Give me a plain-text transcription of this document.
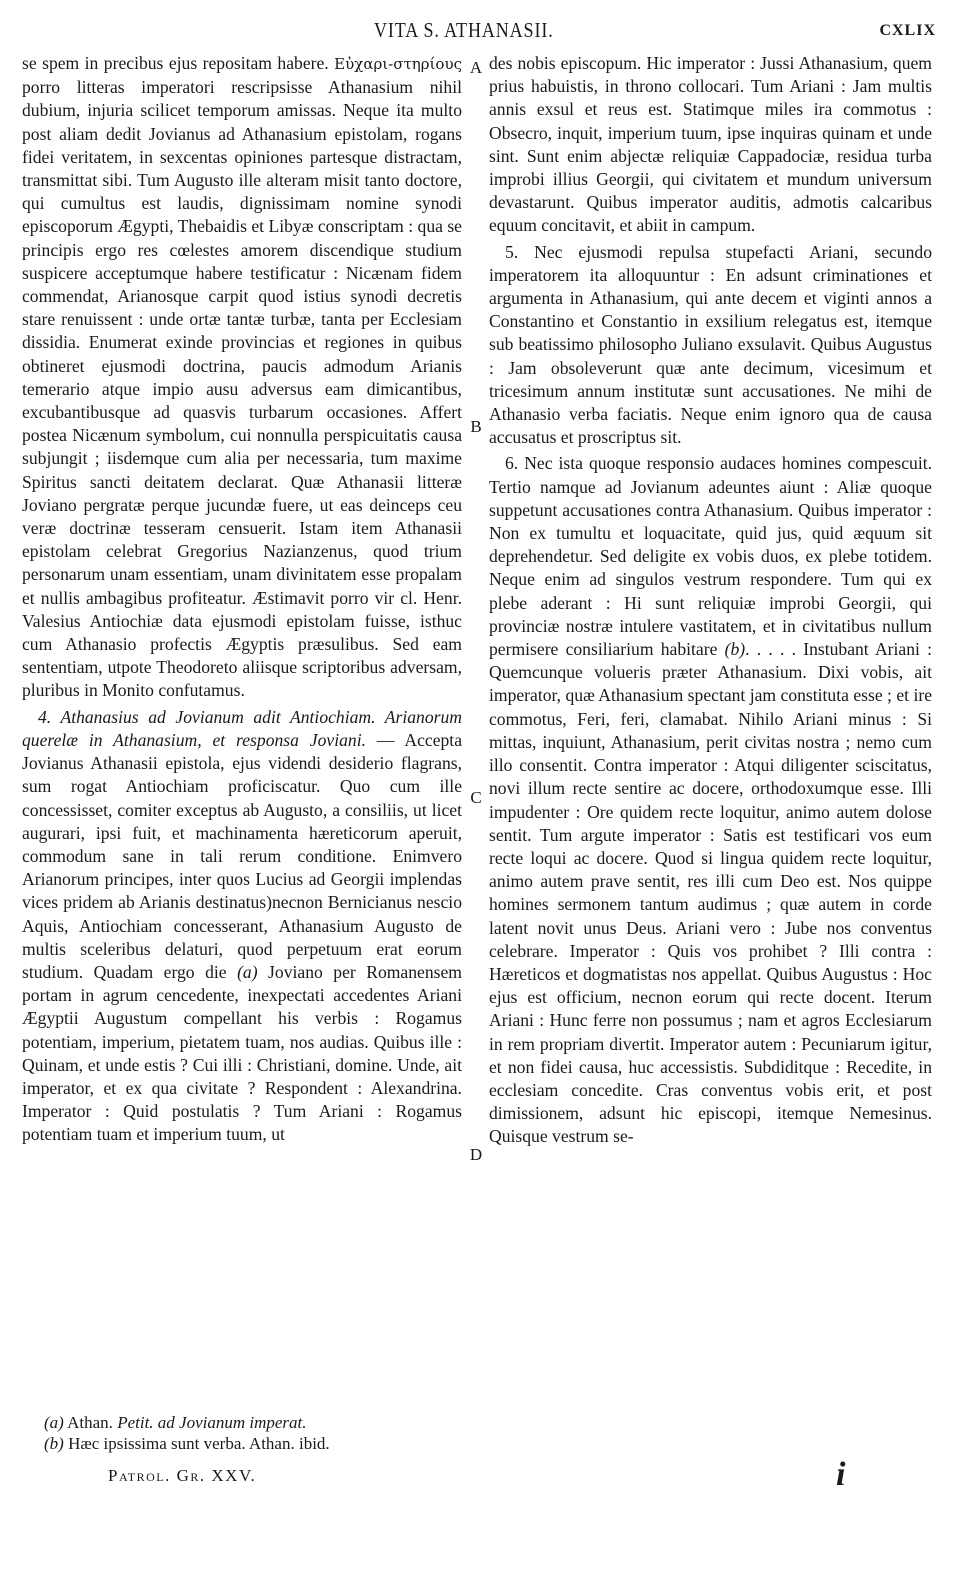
VITA S. ATHANASII.	CXLIX
A
B
C
D

se spem in precibus ejus repositam habere. Εὐχαρι-στηρίους porro litteras imperatori rescripsisse Athanasium nihil dubium, injuria scilicet temporum amissas. Neque ita multo post aliam dedit Jovianus ad Athanasium epistolam, rogans fidei veritatem, in sexcentas opiniones partesque distractam, transmittat sibi. Tum Augusto ille alteram misit tanto doctore, qui cumultus est laudis, dignissimam nomine synodi episcoporum Ægypti, Thebaidis et Libyæ conscriptam : qua se principis ergo res cœlestes amorem discendique studium suspicere acceptumque habere testificatur : Nicænam fidem commendat, Arianosque carpit quod istius synodi decretis stare renuissent : unde ortæ tantæ turbæ, tanta per Ecclesiam dissidia. Enumerat exinde provincias et regiones in quibus obtineret ejusmodi doctrina, paucis admodum Arianis temerario atque impio ausu adversus eam dimicantibus, excubantibusque ad quasvis turbarum occasiones. Affert postea Nicænum symbolum, cui nonnulla perspicuitatis causa subjungit ; iisdemque cum alia per necessaria, tum maxime Spiritus sancti deitatem declarat. Quæ Athanasii litteræ Joviano pergratæ perque jucundæ fuere, ut eas deinceps ceu veræ doctrinæ tesseram censuerit. Istam item Athanasii epistolam celebrat Gregorius Nazianzenus, quod trium personarum unam essentiam, unam divinitatem esse propalam et nullis ambagibus profiteatur. Æstimavit porro vir cl. Henr. Valesius Antiochiæ data ejusmodi epistolam fuisse, isthuc cum Athanasio profectis Ægyptis præsulibus. Sed eam sententiam, utpote Theodoreto aliisque scriptoribus adversam, pluribus in Monito confutamus.

4. Athanasius ad Jovianum adit Antiochiam. Arianorum querelæ in Athanasium, et responsa Joviani. — Accepta Jovianus Athanasii epistola, ejus videndi desiderio flagrans, sum rogat Antiochiam proficiscatur. Quo cum ille concessisset, comiter exceptus ab Augusto, a consiliis, ut licet augurari, ipsi fuit, et machinamenta hæreticorum aperuit, commodum sane in tali rerum conditione. Enimvero Arianorum principes, inter quos Lucius ad Georgii implendas vices pridem ab Arianis destinatus)necnon Bernicianus nescio Aquis, Antiochiam concesserant, Athanasium Augusto de multis sceleribus delaturi, quod perpetuum erat eorum studium. Quadam ergo die (a) Joviano per Romanensem portam in agrum cencedente, inexpectati accedentes Ariani Ægyptii Augustum compellant his verbis : Rogamus potentiam, imperium, pietatem tuam, nos audias. Quibus ille : Quinam, et unde estis ? Cui illi : Christiani, domine. Unde, ait imperator, et ex qua civitate ? Respondent : Alexandrina. Imperator : Quid postulatis ? Tum Ariani : Rogamus potentiam tuam et imperium tuum, ut

des nobis episcopum. Hic imperator : Jussi Athanasium, quem prius habuistis, in throno collocari. Tum Ariani : Jam multis annis exsul et reus est. Statimque miles ira commotus : Obsecro, inquit, imperium tuum, ipse inquiras quinam et unde sint. Sunt enim abjectæ reliquiæ Cappadociæ, residua turba improbi illius Georgii, qui civitatem et mundum universum devastarunt. Quibus imperator auditis, admotis calcaribus equum concitavit, et abiit in campum.

5. Nec ejusmodi repulsa stupefacti Ariani, secundo imperatorem ita alloquuntur : En adsunt criminationes et argumenta in Athanasium, qui ante decem et viginti annos a Constantino et Constantio in exsilium relegatus est, itemque sub beatissimo philosopho Juliano exsulavit. Quibus Augustus : Jam obsoleverunt quæ ante decimum, vicesimum et tricesimum annum institutæ sunt accusationes. Ne mihi de Athanasio verba faciatis. Neque enim ignoro qua de causa accusatus et proscriptus sit.

6. Nec ista quoque responsio audaces homines compescuit. Tertio namque ad Jovianum adeuntes aiunt : Aliæ quoque suppetunt accusationes contra Athanasium. Quibus imperator : Non ex tumultu et loquacitate, quid jus, quid æquum sit deprehendetur. Sed deligite ex vobis duos, ex plebe totidem. Neque enim ad singulos vestrum respondere. Tum qui ex plebe aderant : Hi sunt reliquiæ improbi Georgii, qui provinciæ nostræ intulere vastitatem, et in civitatibus nullum permisere consiliarium habitare (b). . . . . Instubant Ariani : Quemcunque volueris præter Athanasium. Dixi vobis, ait imperator, quæ Athanasium spectant jam constituta esse ; et ire commotus, Feri, feri, clamabat. Nihilo Ariani minus : Si mittas, inquiunt, Athanasium, perit civitas nostra ; nemo cum illo consentit. Contra imperator : Atqui diligenter sciscitatus, novi illum recte sentire ac docere, orthodoxumque esse. Illi impudenter : Ore quidem recte loquitur, animo autem dolose sentit. Tum argute imperator : Satis est testificari vos eum recte loqui ac docere. Quod si lingua quidem recte loquitur, animo autem prave sentit, res illi cum Deo est. Nos quippe homines sermonem tantum audimus ; quæ autem in corde latent novit unus Deus. Ariani vero : Jube nos conventus celebrare. Imperator : Quis vos prohibet ? Illi contra : Hæreticos et dogmatistas nos appellat. Quibus Augustus : Hoc ejus est officium, necnon eorum qui recte docent. Iterum Ariani : Hunc ferre non possumus ; nam et agros Ecclesiarum in rem propriam divertit. Imperator autem : Pecuniarum igitur, et non fidei causa, huc accessistis. Subdiditque : Recedite, in ecclesiam concedite. Cras conventus vobis erit, et post dimissionem, adsunt hic episcopi, itemque Nemesinus. Quisque vestrum se-

(a) Athan. Petit. ad Jovianum imperat.
(b) Hæc ipsissima sunt verba. Athan. ibid.
Patrol. Gr. XXV.	i
